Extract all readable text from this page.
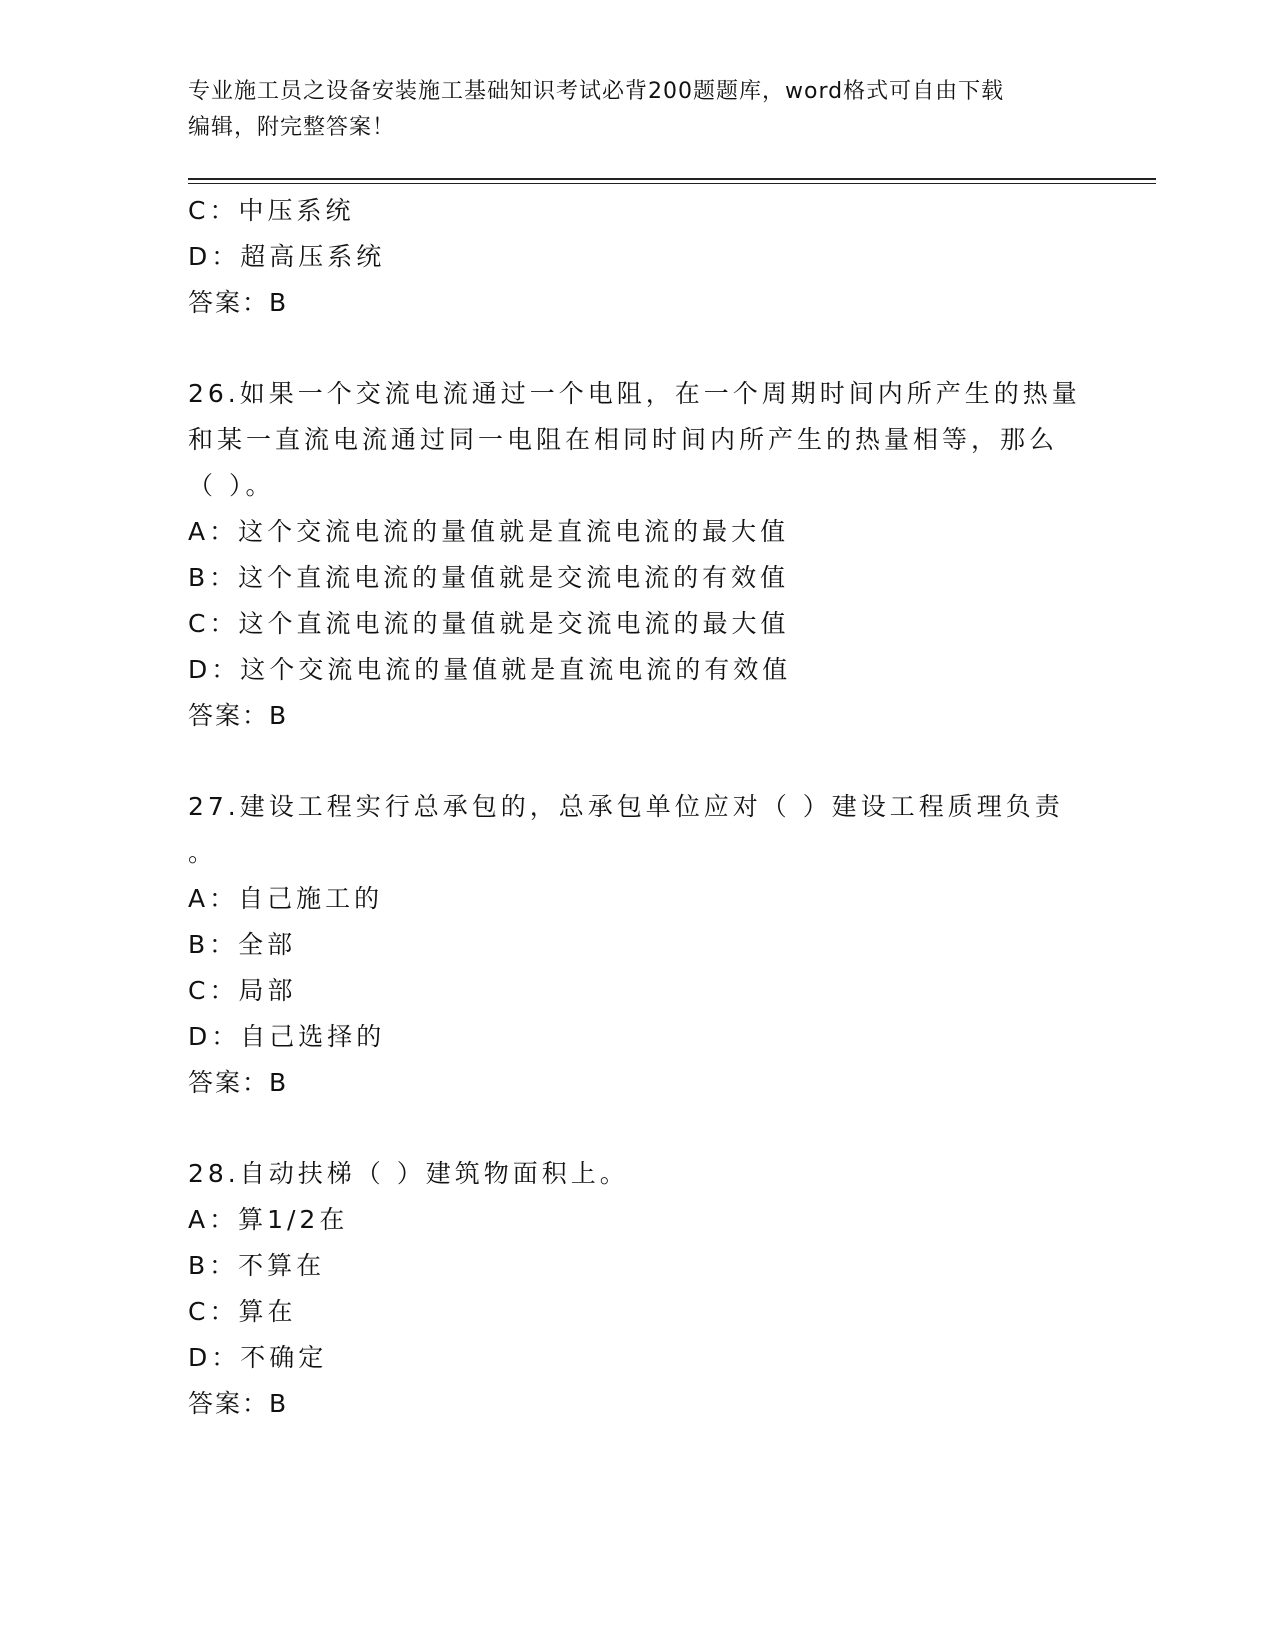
专业施工员之设备安装施工基础知识考试必背200题题库，word格式可自由下载
编辑，附完整答案！
C：中压系统
D：超高压系统
答案：B
26.如果一个交流电流通过一个电阻，在一个周期时间内所产生的热量
和某一直流电流通过同一电阻在相同时间内所产生的热量相等，那么
（ ）。
A：这个交流电流的量值就是直流电流的最大值
B：这个直流电流的量值就是交流电流的有效值
C：这个直流电流的量值就是交流电流的最大值
D：这个交流电流的量值就是直流电流的有效值
答案：B
27.建设工程实行总承包的，总承包单位应对（ ）建设工程质理负责
。
A：自己施工的
B：全部
C：局部
D：自己选择的
答案：B
28.自动扶梯（ ）建筑物面积上。
A：算1/2在
B：不算在
C：算在
D：不确定
答案：B
